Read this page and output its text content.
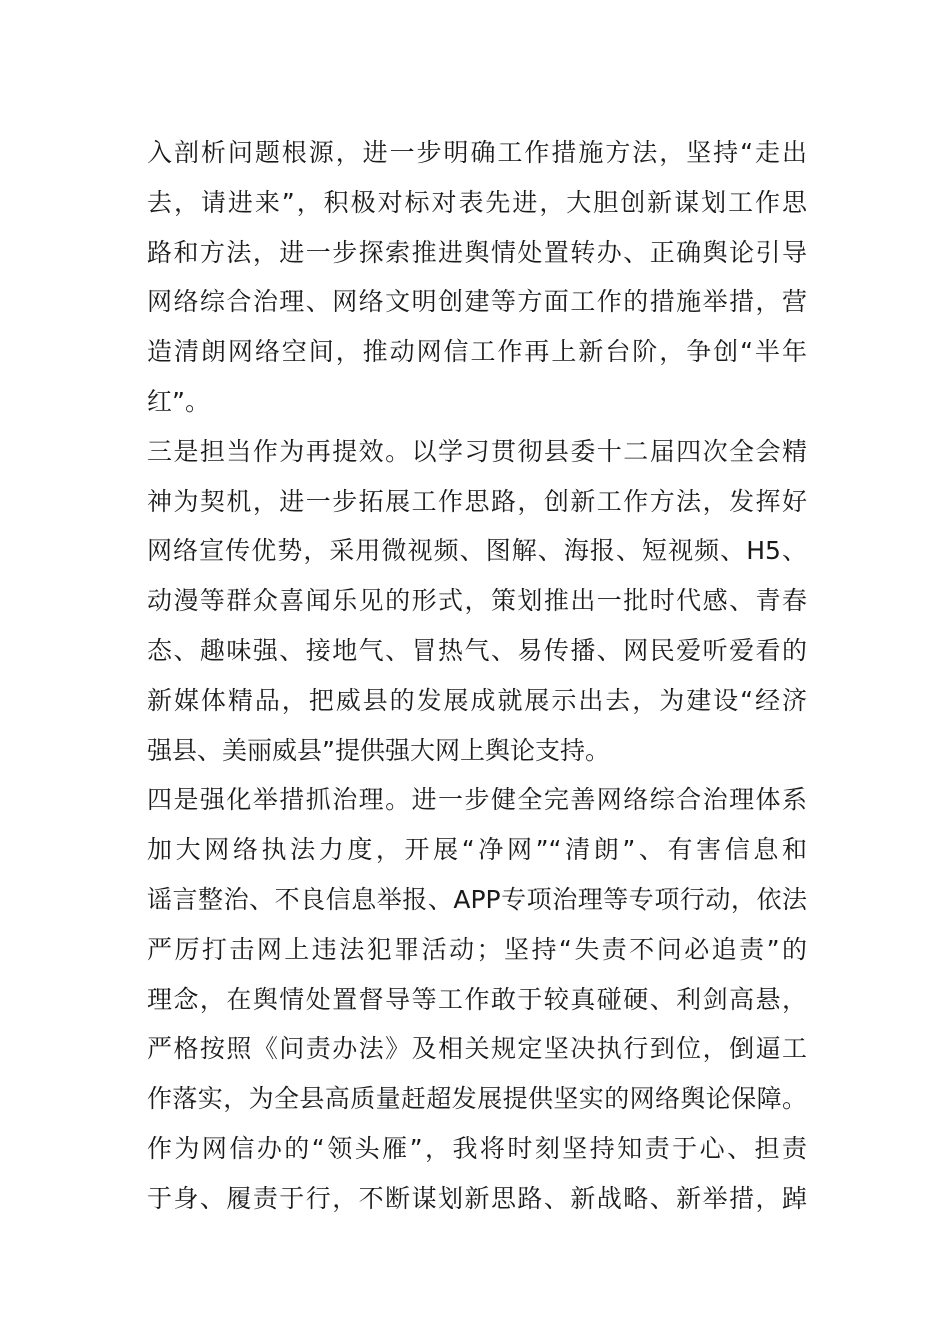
入剖析问题根源，进一步明确工作措施方法，坚持“走出
去，请进来”，积极对标对表先进，大胆创新谋划工作思
路和方法，进一步探索推进舆情处置转办、正确舆论引导
网络综合治理、网络文明创建等方面工作的措施举措，营
造清朗网络空间，推动网信工作再上新台阶，争创“半年
红”。
三是担当作为再提效。以学习贯彻县委十二届四次全会精
神为契机，进一步拓展工作思路，创新工作方法，发挥好
网络宣传优势，采用微视频、图解、海报、短视频、H5、
动漫等群众喜闻乐见的形式，策划推出一批时代感、青春
态、趣味强、接地气、冒热气、易传播、网民爱听爱看的
新媒体精品，把威县的发展成就展示出去，为建设“经济
强县、美丽威县”提供强大网上舆论支持。
四是强化举措抓治理。进一步健全完善网络综合治理体系
加大网络执法力度，开展“净网”“清朗”、有害信息和
谣言整治、不良信息举报、APP专项治理等专项行动，依法
严厉打击网上违法犯罪活动；坚持“失责不问必追责”的
理念，在舆情处置督导等工作敢于较真碰硬、利剑高悬，
严格按照《问责办法》及相关规定坚决执行到位，倒逼工
作落实，为全县高质量赶超发展提供坚实的网络舆论保障。
作为网信办的“领头雁”，我将时刻坚持知责于心、担责
于身、履责于行，不断谋划新思路、新战略、新举措，踔
